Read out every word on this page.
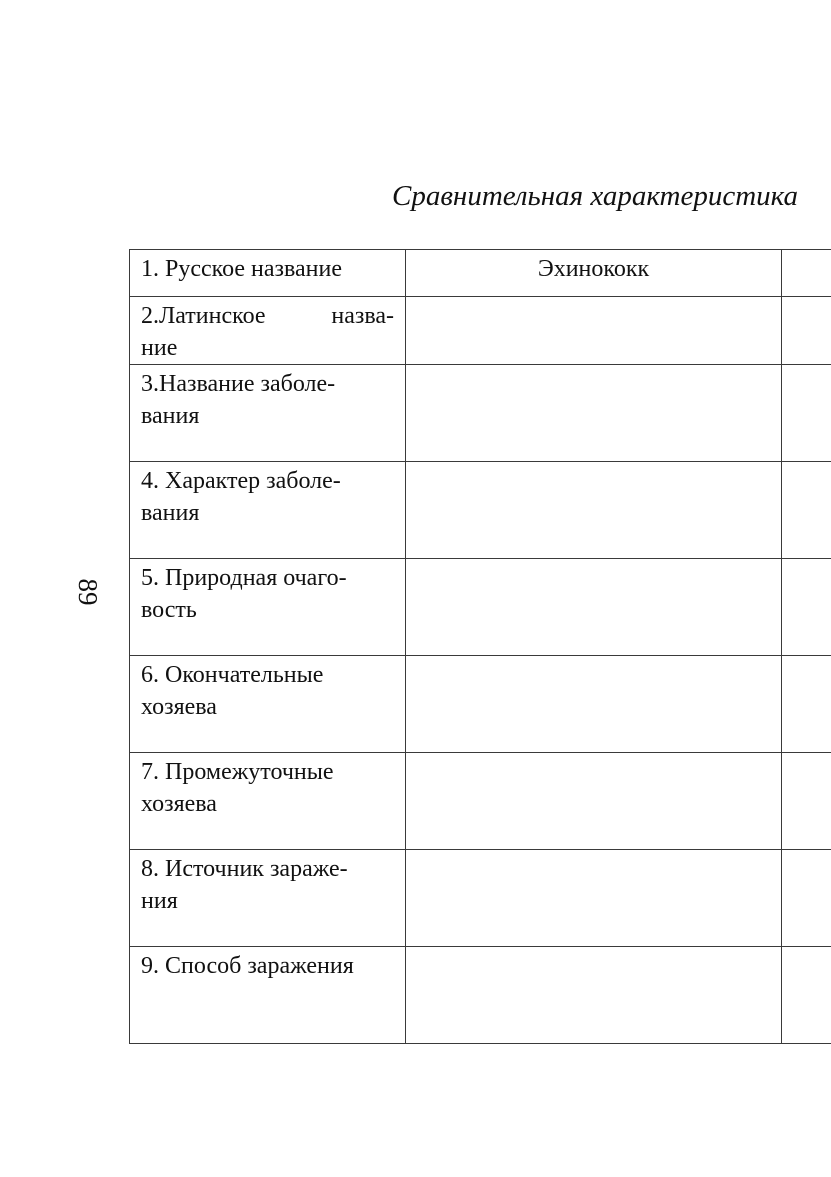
Сравнительная характеристика
89
1. Русское название	Эхинококк	

2.Латинское назва-
ние		

3.Название заболе-
вания		

4. Характер заболе-
вания		

5. Природная очаго-
вость		

6. Окончательные
хозяева		

7. Промежуточные
хозяева		

8. Источник зараже-
ния		

9. Способ заражения		
